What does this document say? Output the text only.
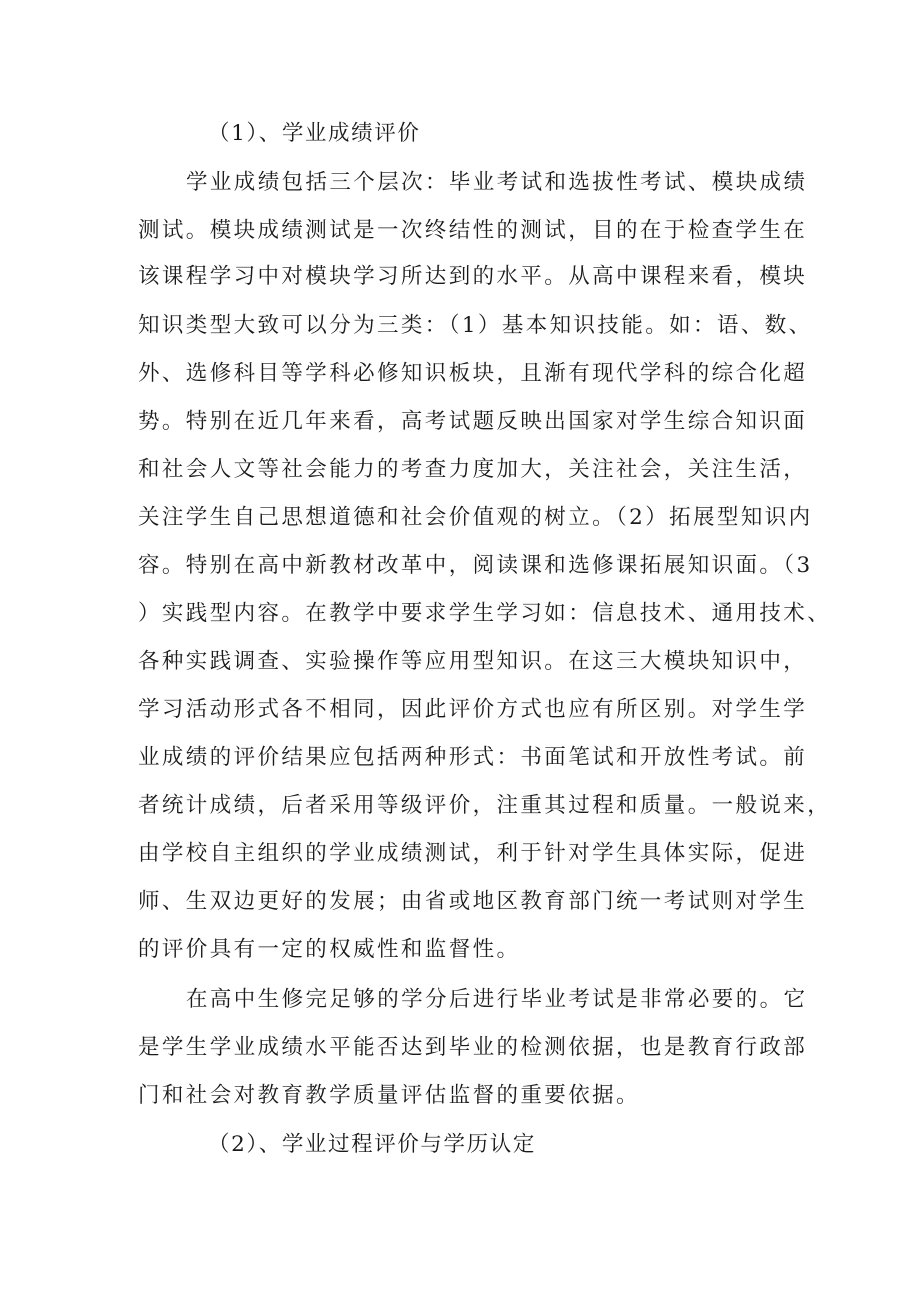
（1）、学业成绩评价

学业成绩包括三个层次：毕业考试和选拔性考试、模块成绩

测试。模块成绩测试是一次终结性的测试，目的在于检查学生在

该课程学习中对模块学习所达到的水平。从高中课程来看，模块

知识类型大致可以分为三类：（1）基本知识技能。如：语、数、

外、选修科目等学科必修知识板块，且渐有现代学科的综合化超

势。特别在近几年来看，高考试题反映出国家对学生综合知识面

和社会人文等社会能力的考查力度加大，关注社会，关注生活，

关注学生自己思想道德和社会价值观的树立。（2）拓展型知识内

容。特别在高中新教材改革中，阅读课和选修课拓展知识面。（3

）实践型内容。在教学中要求学生学习如：信息技术、通用技术、

各种实践调查、实验操作等应用型知识。在这三大模块知识中，

学习活动形式各不相同，因此评价方式也应有所区别。对学生学

业成绩的评价结果应包括两种形式：书面笔试和开放性考试。前

者统计成绩，后者采用等级评价，注重其过程和质量。一般说来，

由学校自主组织的学业成绩测试，利于针对学生具体实际，促进

师、生双边更好的发展；由省或地区教育部门统一考试则对学生

的评价具有一定的权威性和监督性。

在高中生修完足够的学分后进行毕业考试是非常必要的。它

是学生学业成绩水平能否达到毕业的检测依据，也是教育行政部

门和社会对教育教学质量评估监督的重要依据。

（2）、学业过程评价与学历认定
